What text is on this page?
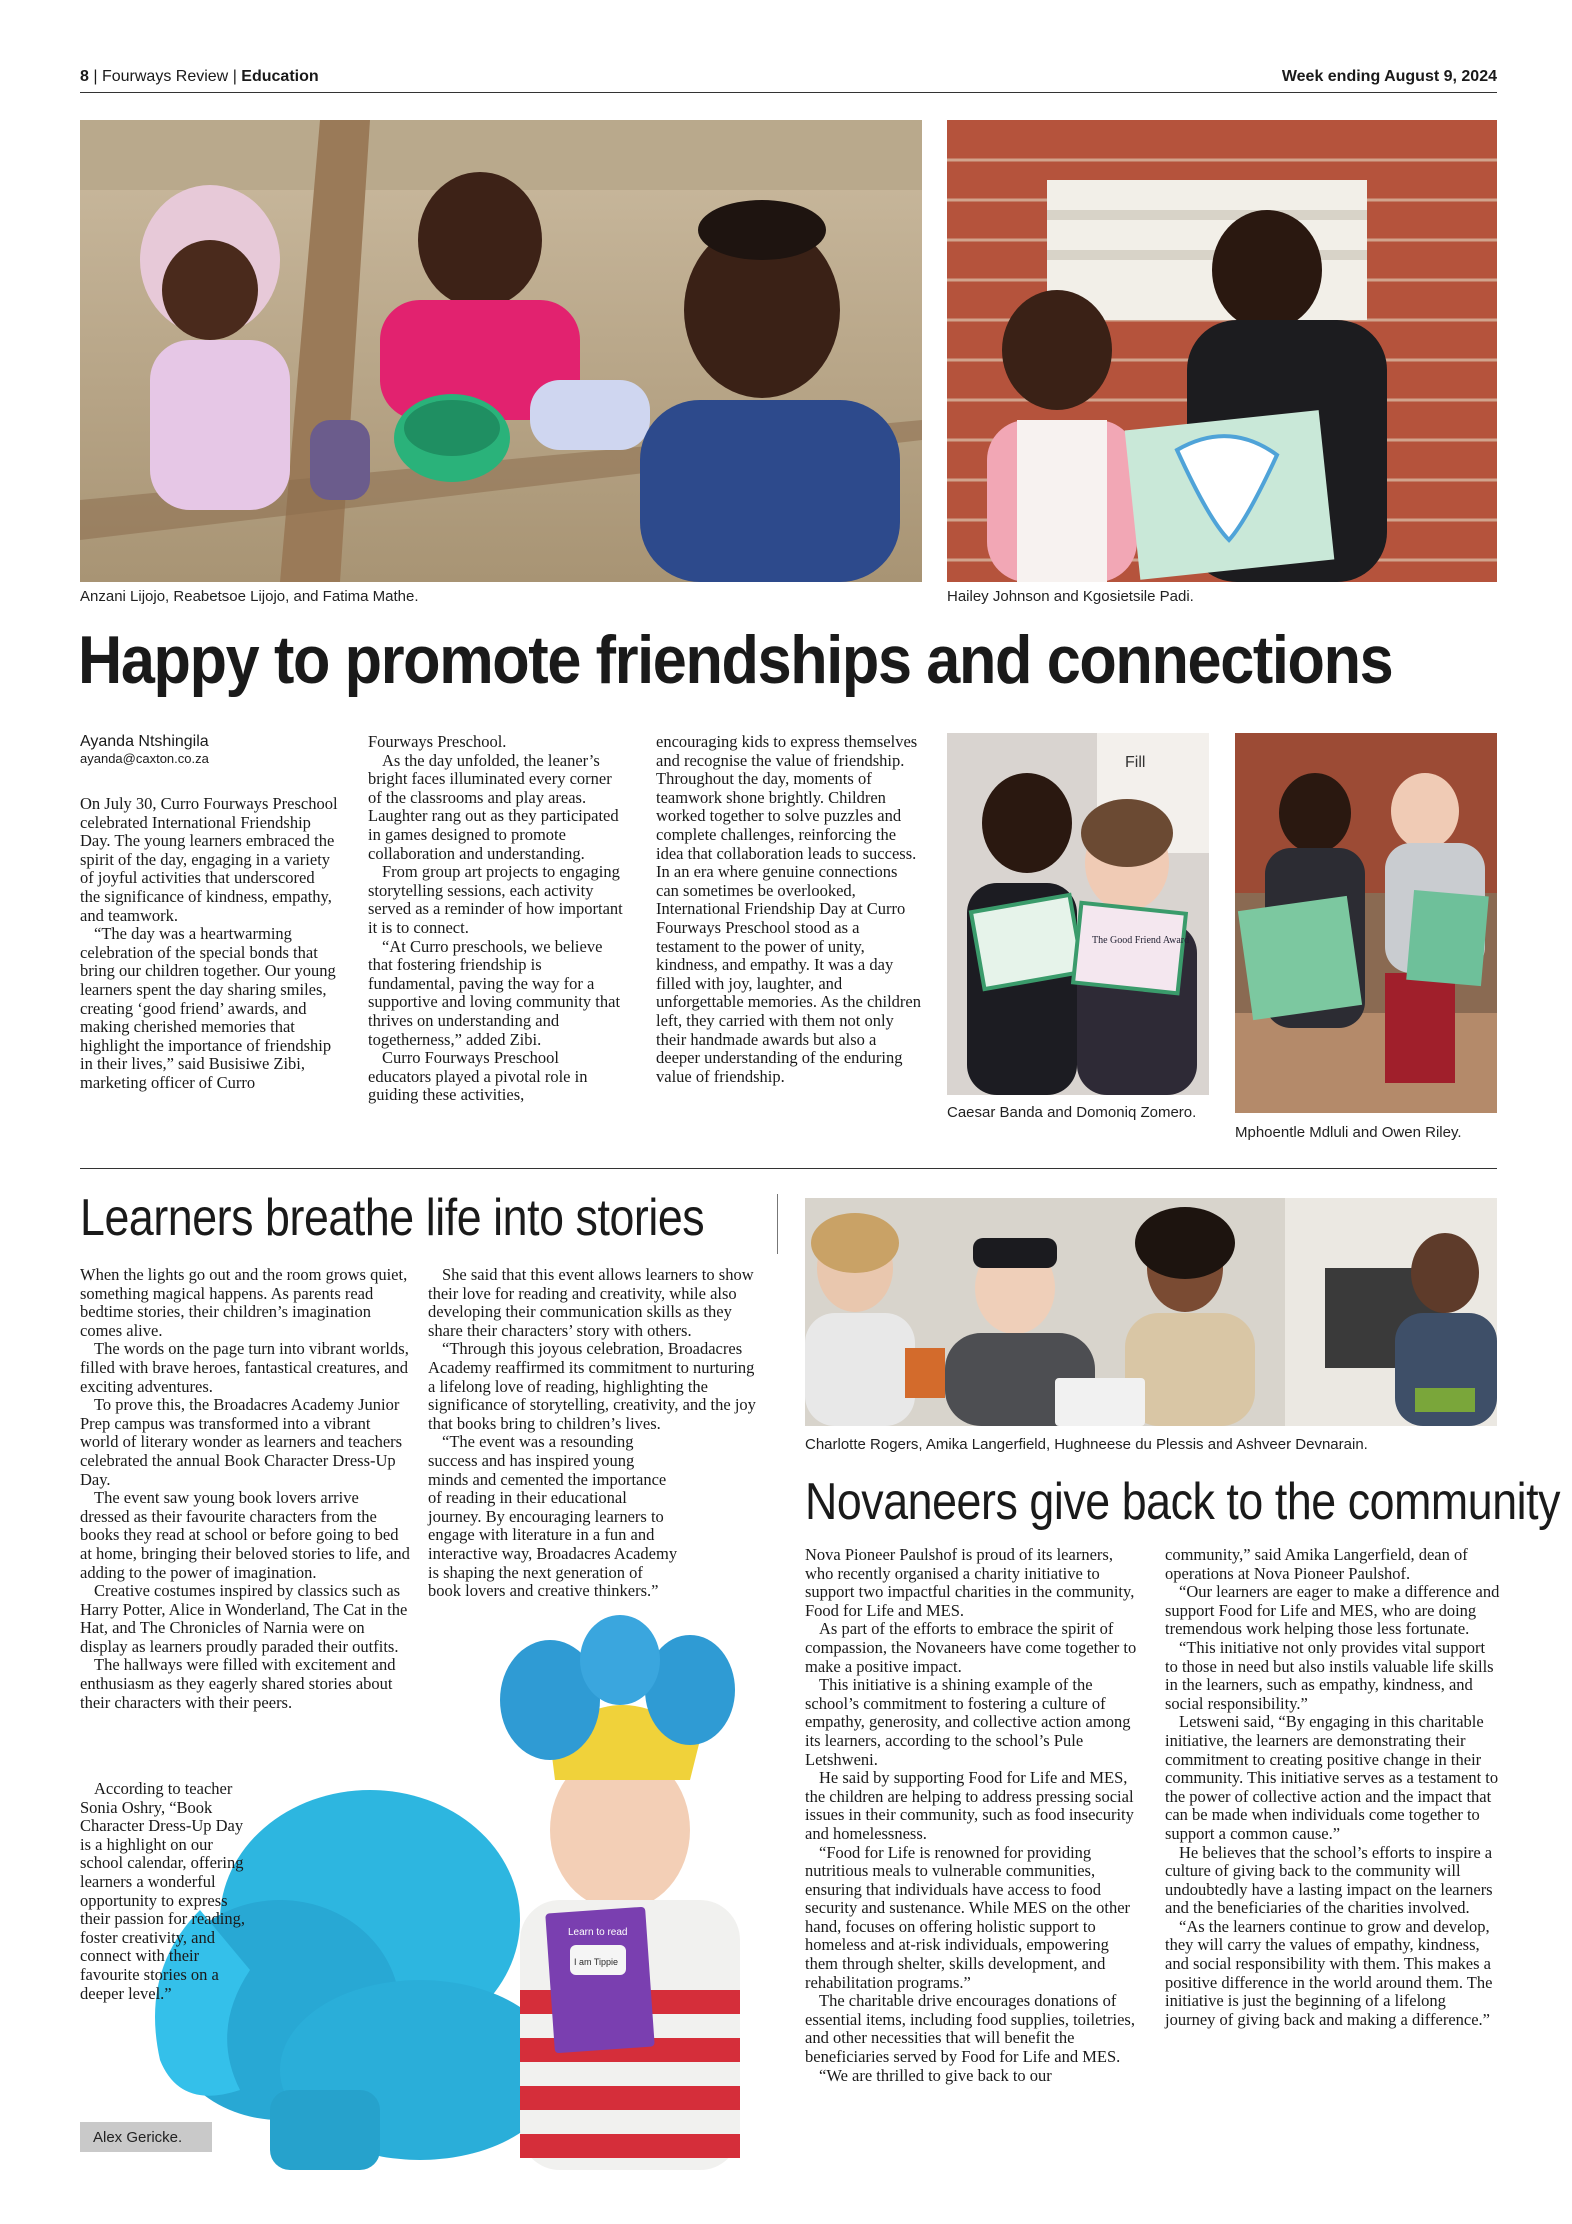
8 | Fourways Review | Education	Week ending August 9, 2024
Anzani Lijojo, Reabetsoe Lijojo, and Fatima Mathe.	Hailey Johnson and Kgosietsile Padi.
Happy to promote friendships and connections
Ayanda Ntshingila
ayanda@caxton.co.za

On July 30, Curro Fourways Preschool celebrated International Friendship Day. The young learners embraced the spirit of the day, engaging in a variety of joyful activities that underscored the significance of kindness, empathy, and teamwork.

“The day was a heartwarming celebration of the special bonds that bring our children together. Our young learners spent the day sharing smiles, creating ‘good friend’ awards, and making cherished memories that highlight the importance of friendship in their lives,” said Busisiwe Zibi, marketing officer of Curro

Fourways Preschool.

As the day unfolded, the leaner’s bright faces illuminated every corner of the classrooms and play areas. Laughter rang out as they participated in games designed to promote collaboration and understanding.

From group art projects to engaging storytelling sessions, each activity served as a reminder of how important it is to connect.

“At Curro preschools, we believe that fostering friendship is fundamental, paving the way for a supportive and loving community that thrives on understanding and togetherness,” added Zibi.

Curro Fourways Preschool educators played a pivotal role in guiding these activities,

encouraging kids to express themselves and recognise the value of friendship. Throughout the day, moments of teamwork shone brightly. Children worked together to solve puzzles and complete challenges, reinforcing the idea that collaboration leads to success. In an era where genuine connections can sometimes be overlooked, International Friendship Day at Curro Fourways Preschool stood as a testament to the power of unity, kindness, and empathy. It was a day filled with joy, laughter, and unforgettable memories. As the children left, they carried with them not only their handmade awards but also a deeper understanding of the enduring value of friendship.

Fill
The Good Friend Award
Caesar Banda and Domoniq Zomero.
Mphoentle Mdluli and Owen Riley.
Learners breathe life into stories

When the lights go out and the room grows quiet, something magical happens. As parents read bedtime stories, their children’s imagination comes alive.

The words on the page turn into vibrant worlds, filled with brave heroes, fantastical creatures, and exciting adventures.

To prove this, the Broadacres Academy Junior Prep campus was transformed into a vibrant world of literary wonder as learners and teachers celebrated the annual Book Character Dress-Up Day.

The event saw young book lovers arrive dressed as their favourite characters from the books they read at school or before going to bed at home, bringing their beloved stories to life, and adding to the power of imagination.

Creative costumes inspired by classics such as Harry Potter, Alice in Wonderland, The Cat in the Hat, and The Chronicles of Narnia were on display as learners proudly paraded their outfits.

The hallways were filled with excitement and enthusiasm as they eagerly shared stories about their characters with their peers.

Learn to read
I am Tippie
Alex Gericke.

According to teacher Sonia Oshry, “Book Character Dress-Up Day is a highlight on our school calendar, offering learners a wonderful opportunity to express their passion for reading, foster creativity, and connect with their favourite stories on a deeper level.”

She said that this event allows learners to show their love for reading and creativity, while also developing their communication skills as they share their characters’ story with others.

“Through this joyous celebration, Broadacres Academy reaffirmed its commitment to nurturing a lifelong love of reading, highlighting the significance of storytelling, creativity, and the joy that books bring to children’s lives.

“The event was a resounding success and has inspired young minds and cemented the importance of reading in their educational journey. By encouraging learners to engage with literature in a fun and interactive way, Broadacres Academy is shaping the next generation of book lovers and creative thinkers.”

Charlotte Rogers, Amika Langerfield, Hughneese du Plessis and Ashveer Devnarain.
Novaneers give back to the community

Nova Pioneer Paulshof is proud of its learners, who recently organised a charity initiative to support two impactful charities in the community, Food for Life and MES.

As part of the efforts to embrace the spirit of compassion, the Novaneers have come together to make a positive impact.

This initiative is a shining example of the school’s commitment to fostering a culture of empathy, generosity, and collective action among its learners, according to the school’s Pule Letshweni.

He said by supporting Food for Life and MES, the children are helping to address pressing social issues in their community, such as food insecurity and homelessness.

“Food for Life is renowned for providing nutritious meals to vulnerable communities, ensuring that individuals have access to food security and sustenance. While MES on the other hand, focuses on offering holistic support to homeless and at-risk individuals, empowering them through shelter, skills development, and rehabilitation programs.”

The charitable drive encourages donations of essential items, including food supplies, toiletries, and other necessities that will benefit the beneficiaries served by Food for Life and MES.

“We are thrilled to give back to our

community,” said Amika Langerfield, dean of operations at Nova Pioneer Paulshof.

“Our learners are eager to make a difference and support Food for Life and MES, who are doing tremendous work helping those less fortunate.

“This initiative not only provides vital support to those in need but also instils valuable life skills in the learners, such as empathy, kindness, and social responsibility.”

Letsweni said, “By engaging in this charitable initiative, the learners are demonstrating their commitment to creating positive change in their community. This initiative serves as a testament to the power of collective action and the impact that can be made when individuals come together to support a common cause.”

He believes that the school’s efforts to inspire a culture of giving back to the community will undoubtedly have a lasting impact on the learners and the beneficiaries of the charities involved.

“As the learners continue to grow and develop, they will carry the values of empathy, kindness, and social responsibility with them. This makes a positive difference in the world around them. The initiative is just the beginning of a lifelong journey of giving back and making a difference.”
